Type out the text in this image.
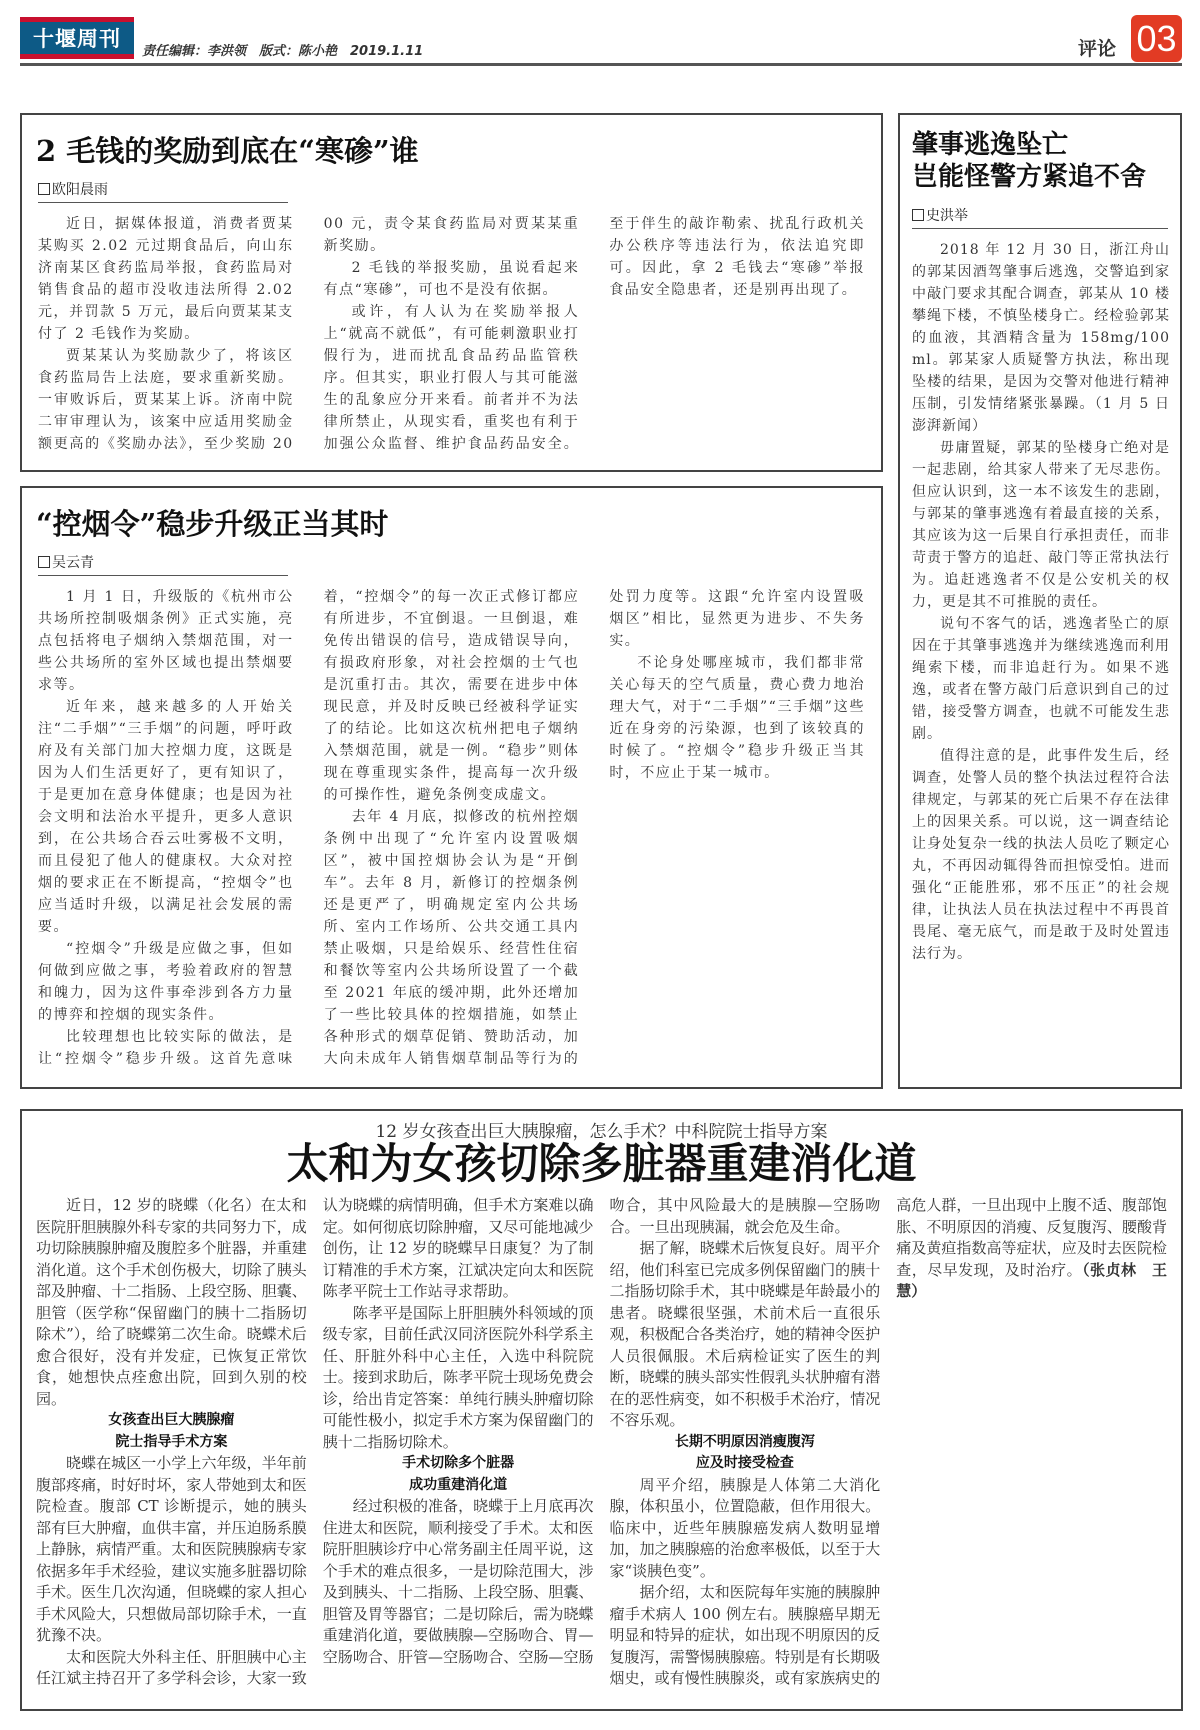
十堰周刊
责任编辑：李洪领　版式：陈小艳　2019.1.11	评论 03
2 毛钱的奖励到底在“寒碜”谁
欧阳晨雨

近日，据媒体报道，消费者贾某某购买 2.02 元过期食品后，向山东济南某区食药监局举报，食药监局对销售食品的超市没收违法所得 2.02 元，并罚款 5 万元，最后向贾某某支付了 2 毛钱作为奖励。

贾某某认为奖励款少了，将该区食药监局告上法庭，要求重新奖励。一审败诉后，贾某某上诉。济南中院二审审理认为，该案中应适用奖励金额更高的《奖励办法》，至少奖励 2000 元，责令某食药监局对贾某某重新奖励。

2 毛钱的举报奖励，虽说看起来有点“寒碜”，可也不是没有依据。

或许，有人认为在奖励举报人上“就高不就低”，有可能刺激职业打假行为，进而扰乱食品药品监管秩序。但其实，职业打假人与其可能滋生的乱象应分开来看。前者并不为法律所禁止，从现实看，重奖也有利于加强公众监督、维护食品药品安全。至于伴生的敲诈勒索、扰乱行政机关办公秩序等违法行为，依法追究即可。因此，拿 2 毛钱去“寒碜”举报食品安全隐患者，还是别再出现了。

“控烟令”稳步升级正当其时
吴云青

1 月 1 日，升级版的《杭州市公共场所控制吸烟条例》正式实施，亮点包括将电子烟纳入禁烟范围，对一些公共场所的室外区域也提出禁烟要求等。

近年来，越来越多的人开始关注“二手烟”“三手烟”的问题，呼吁政府及有关部门加大控烟力度，这既是因为人们生活更好了，更有知识了，于是更加在意身体健康；也是因为社会文明和法治水平提升，更多人意识到，在公共场合吞云吐雾极不文明，而且侵犯了他人的健康权。大众对控烟的要求正在不断提高，“控烟令”也应当适时升级，以满足社会发展的需要。

“控烟令”升级是应做之事，但如何做到应做之事，考验着政府的智慧和魄力，因为这件事牵涉到各方力量的博弈和控烟的现实条件。

比较理想也比较实际的做法，是让“控烟令”稳步升级。这首先意味着，“控烟令”的每一次正式修订都应有所进步，不宜倒退。一旦倒退，难免传出错误的信号，造成错误导向，有损政府形象，对社会控烟的士气也是沉重打击。其次，需要在进步中体现民意，并及时反映已经被科学证实了的结论。比如这次杭州把电子烟纳入禁烟范围，就是一例。“稳步”则体现在尊重现实条件，提高每一次升级的可操作性，避免条例变成虚文。

去年 4 月底，拟修改的杭州控烟条例中出现了“允许室内设置吸烟区”，被中国控烟协会认为是“开倒车”。去年 8 月，新修订的控烟条例还是更严了，明确规定室内公共场所、室内工作场所、公共交通工具内禁止吸烟，只是给娱乐、经营性住宿和餐饮等室内公共场所设置了一个截至 2021 年底的缓冲期，此外还增加了一些比较具体的控烟措施，如禁止各种形式的烟草促销、赞助活动，加大向未成年人销售烟草制品等行为的处罚力度等。这跟“允许室内设置吸烟区”相比，显然更为进步、不失务实。

不论身处哪座城市，我们都非常关心每天的空气质量，费心费力地治理大气，对于“二手烟”“三手烟”这些近在身旁的污染源，也到了该较真的时候了。“控烟令”稳步升级正当其时，不应止于某一城市。

肇事逃逸坠亡
岂能怪警方紧追不舍
史洪举

2018 年 12 月 30 日，浙江舟山的郭某因酒驾肇事后逃逸，交警追到家中敲门要求其配合调查，郭某从 10 楼攀绳下楼，不慎坠楼身亡。经检验郭某的血液，其酒精含量为 158mg/100ml。郭某家人质疑警方执法，称出现坠楼的结果，是因为交警对他进行精神压制，引发情绪紧张暴躁。（1 月 5 日澎湃新闻）

毋庸置疑，郭某的坠楼身亡绝对是一起悲剧，给其家人带来了无尽悲伤。但应认识到，这一本不该发生的悲剧，与郭某的肇事逃逸有着最直接的关系，其应该为这一后果自行承担责任，而非苛责于警方的追赶、敲门等正常执法行为。追赶逃逸者不仅是公安机关的权力，更是其不可推脱的责任。

说句不客气的话，逃逸者坠亡的原因在于其肇事逃逸并为继续逃逸而利用绳索下楼，而非追赶行为。如果不逃逸，或者在警方敲门后意识到自己的过错，接受警方调查，也就不可能发生悲剧。

值得注意的是，此事件发生后，经调查，处警人员的整个执法过程符合法律规定，与郭某的死亡后果不存在法律上的因果关系。可以说，这一调查结论让身处复杂一线的执法人员吃了颗定心丸，不再因动辄得咎而担惊受怕。进而强化“正能胜邪，邪不压正”的社会规律，让执法人员在执法过程中不再畏首畏尾、毫无底气，而是敢于及时处置违法行为。

12 岁女孩查出巨大胰腺瘤，怎么手术？中科院院士指导方案
太和为女孩切除多脏器重建消化道

近日，12 岁的晓蝶（化名）在太和医院肝胆胰腺外科专家的共同努力下，成功切除胰腺肿瘤及腹腔多个脏器，并重建消化道。这个手术创伤极大，切除了胰头部及肿瘤、十二指肠、上段空肠、胆囊、胆管（医学称“保留幽门的胰十二指肠切除术”），给了晓蝶第二次生命。晓蝶术后愈合很好，没有并发症，已恢复正常饮食，她想快点痊愈出院，回到久别的校园。

女孩查出巨大胰腺瘤
院士指导手术方案

晓蝶在城区一小学上六年级，半年前腹部疼痛，时好时坏，家人带她到太和医院检查。腹部 CT 诊断提示，她的胰头部有巨大肿瘤，血供丰富，并压迫肠系膜上静脉，病情严重。太和医院胰腺病专家依据多年手术经验，建议实施多脏器切除手术。医生几次沟通，但晓蝶的家人担心手术风险大，只想做局部切除手术，一直犹豫不决。

太和医院大外科主任、肝胆胰中心主任江斌主持召开了多学科会诊，大家一致认为晓蝶的病情明确，但手术方案难以确定。如何彻底切除肿瘤，又尽可能地减少创伤，让 12 岁的晓蝶早日康复？为了制订精准的手术方案，江斌决定向太和医院陈孝平院士工作站寻求帮助。

陈孝平是国际上肝胆胰外科领域的顶级专家，目前任武汉同济医院外科学系主任、肝脏外科中心主任，入选中科院院士。接到求助后，陈孝平院士现场免费会诊，给出肯定答案：单纯行胰头肿瘤切除可能性极小，拟定手术方案为保留幽门的胰十二指肠切除术。

手术切除多个脏器
成功重建消化道

经过积极的准备，晓蝶于上月底再次住进太和医院，顺利接受了手术。太和医院肝胆胰诊疗中心常务副主任周平说，这个手术的难点很多，一是切除范围大，涉及到胰头、十二指肠、上段空肠、胆囊、胆管及胃等器官；二是切除后，需为晓蝶重建消化道，要做胰腺—空肠吻合、胃—空肠吻合、肝管—空肠吻合、空肠—空肠吻合，其中风险最大的是胰腺—空肠吻合。一旦出现胰漏，就会危及生命。

据了解，晓蝶术后恢复良好。周平介绍，他们科室已完成多例保留幽门的胰十二指肠切除手术，其中晓蝶是年龄最小的患者。晓蝶很坚强，术前术后一直很乐观，积极配合各类治疗，她的精神令医护人员很佩服。术后病检证实了医生的判断，晓蝶的胰头部实性假乳头状肿瘤有潜在的恶性病变，如不积极手术治疗，情况不容乐观。

长期不明原因消瘦腹泻
应及时接受检查

周平介绍，胰腺是人体第二大消化腺，体积虽小，位置隐蔽，但作用很大。临床中，近些年胰腺癌发病人数明显增加，加之胰腺癌的治愈率极低，以至于大家“谈胰色变”。

据介绍，太和医院每年实施的胰腺肿瘤手术病人 100 例左右。胰腺癌早期无明显和特异的症状，如出现不明原因的反复腹泻，需警惕胰腺癌。特别是有长期吸烟史，或有慢性胰腺炎，或有家族病史的高危人群，一旦出现中上腹不适、腹部饱胀、不明原因的消瘦、反复腹泻、腰酸背痛及黄疸指数高等症状，应及时去医院检查，尽早发现，及时治疗。（张贞林　王慧）
